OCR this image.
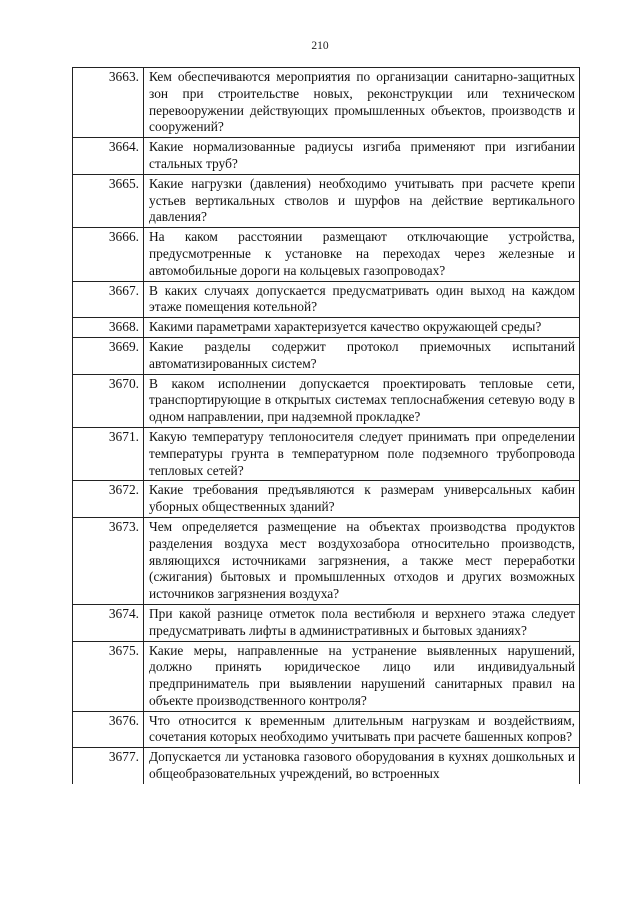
210
3663.	Кем обеспечиваются мероприятия по организации санитарно-защитных зон при строительстве новых, реконструкции или техническом перевооружении действующих промышленных объектов, производств и сооружений?
3664.	Какие нормализованные радиусы изгиба применяют при изгибании стальных труб?
3665.	Какие нагрузки (давления) необходимо учитывать при расчете крепи устьев вертикальных стволов и шурфов на действие вертикального давления?
3666.	На каком расстоянии размещают отключающие устройства, предусмотренные к установке на переходах через железные и автомобильные дороги на кольцевых газопроводах?
3667.	В каких случаях допускается предусматривать один выход на каждом этаже помещения котельной?
3668.	Какими параметрами характеризуется качество окружающей среды?
3669.	Какие разделы содержит протокол приемочных испытаний автоматизированных систем?
3670.	В каком исполнении допускается проектировать тепловые сети, транспортирующие в открытых системах теплоснабжения сетевую воду в одном направлении, при надземной прокладке?
3671.	Какую температуру теплоносителя следует принимать при определении температуры грунта в температурном поле подземного трубопровода тепловых сетей?
3672.	Какие требования предъявляются к размерам универсальных кабин уборных общественных зданий?
3673.	Чем определяется размещение на объектах производства продуктов разделения воздуха мест воздухозабора относительно производств, являющихся источниками загрязнения, а также мест переработки (сжигания) бытовых и промышленных отходов и других возможных источников загрязнения воздуха?
3674.	При какой разнице отметок пола вестибюля и верхнего этажа следует предусматривать лифты в административных и бытовых зданиях?
3675.	Какие меры, направленные на устранение выявленных нарушений, должно принять юридическое лицо или индивидуальный предприниматель при выявлении нарушений санитарных правил на объекте производственного контроля?
3676.	Что относится к временным длительным нагрузкам и воздействиям, сочетания которых необходимо учитывать при расчете башенных копров?
3677.	Допускается ли установка газового оборудования в кухнях дошкольных и общеобразовательных учреждений, во встроенных
